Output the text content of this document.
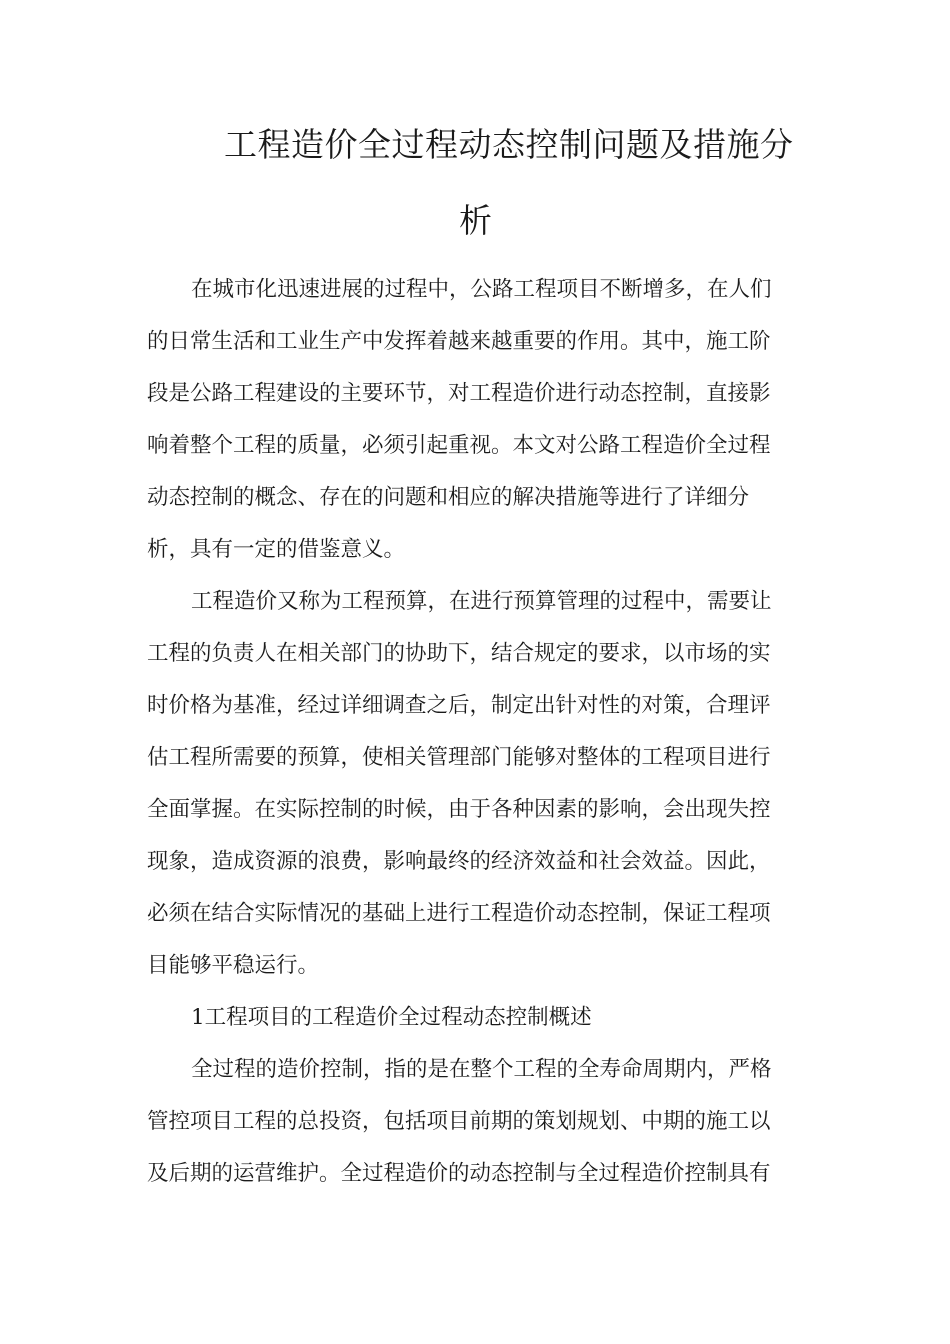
工程造价全过程动态控制问题及措施分
析
在城市化迅速进展的过程中，公路工程项目不断增多，在人们
的日常生活和工业生产中发挥着越来越重要的作用。其中，施工阶
段是公路工程建设的主要环节，对工程造价进行动态控制，直接影
响着整个工程的质量，必须引起重视。本文对公路工程造价全过程
动态控制的概念、存在的问题和相应的解决措施等进行了详细分
析，具有一定的借鉴意义。
工程造价又称为工程预算，在进行预算管理的过程中，需要让
工程的负责人在相关部门的协助下，结合规定的要求，以市场的实
时价格为基准，经过详细调查之后，制定出针对性的对策，合理评
估工程所需要的预算，使相关管理部门能够对整体的工程项目进行
全面掌握。在实际控制的时候，由于各种因素的影响，会出现失控
现象，造成资源的浪费，影响最终的经济效益和社会效益。因此，
必须在结合实际情况的基础上进行工程造价动态控制，保证工程项
目能够平稳运行。
1工程项目的工程造价全过程动态控制概述
全过程的造价控制，指的是在整个工程的全寿命周期内，严格
管控项目工程的总投资，包括项目前期的策划规划、中期的施工以
及后期的运营维护。全过程造价的动态控制与全过程造价控制具有
